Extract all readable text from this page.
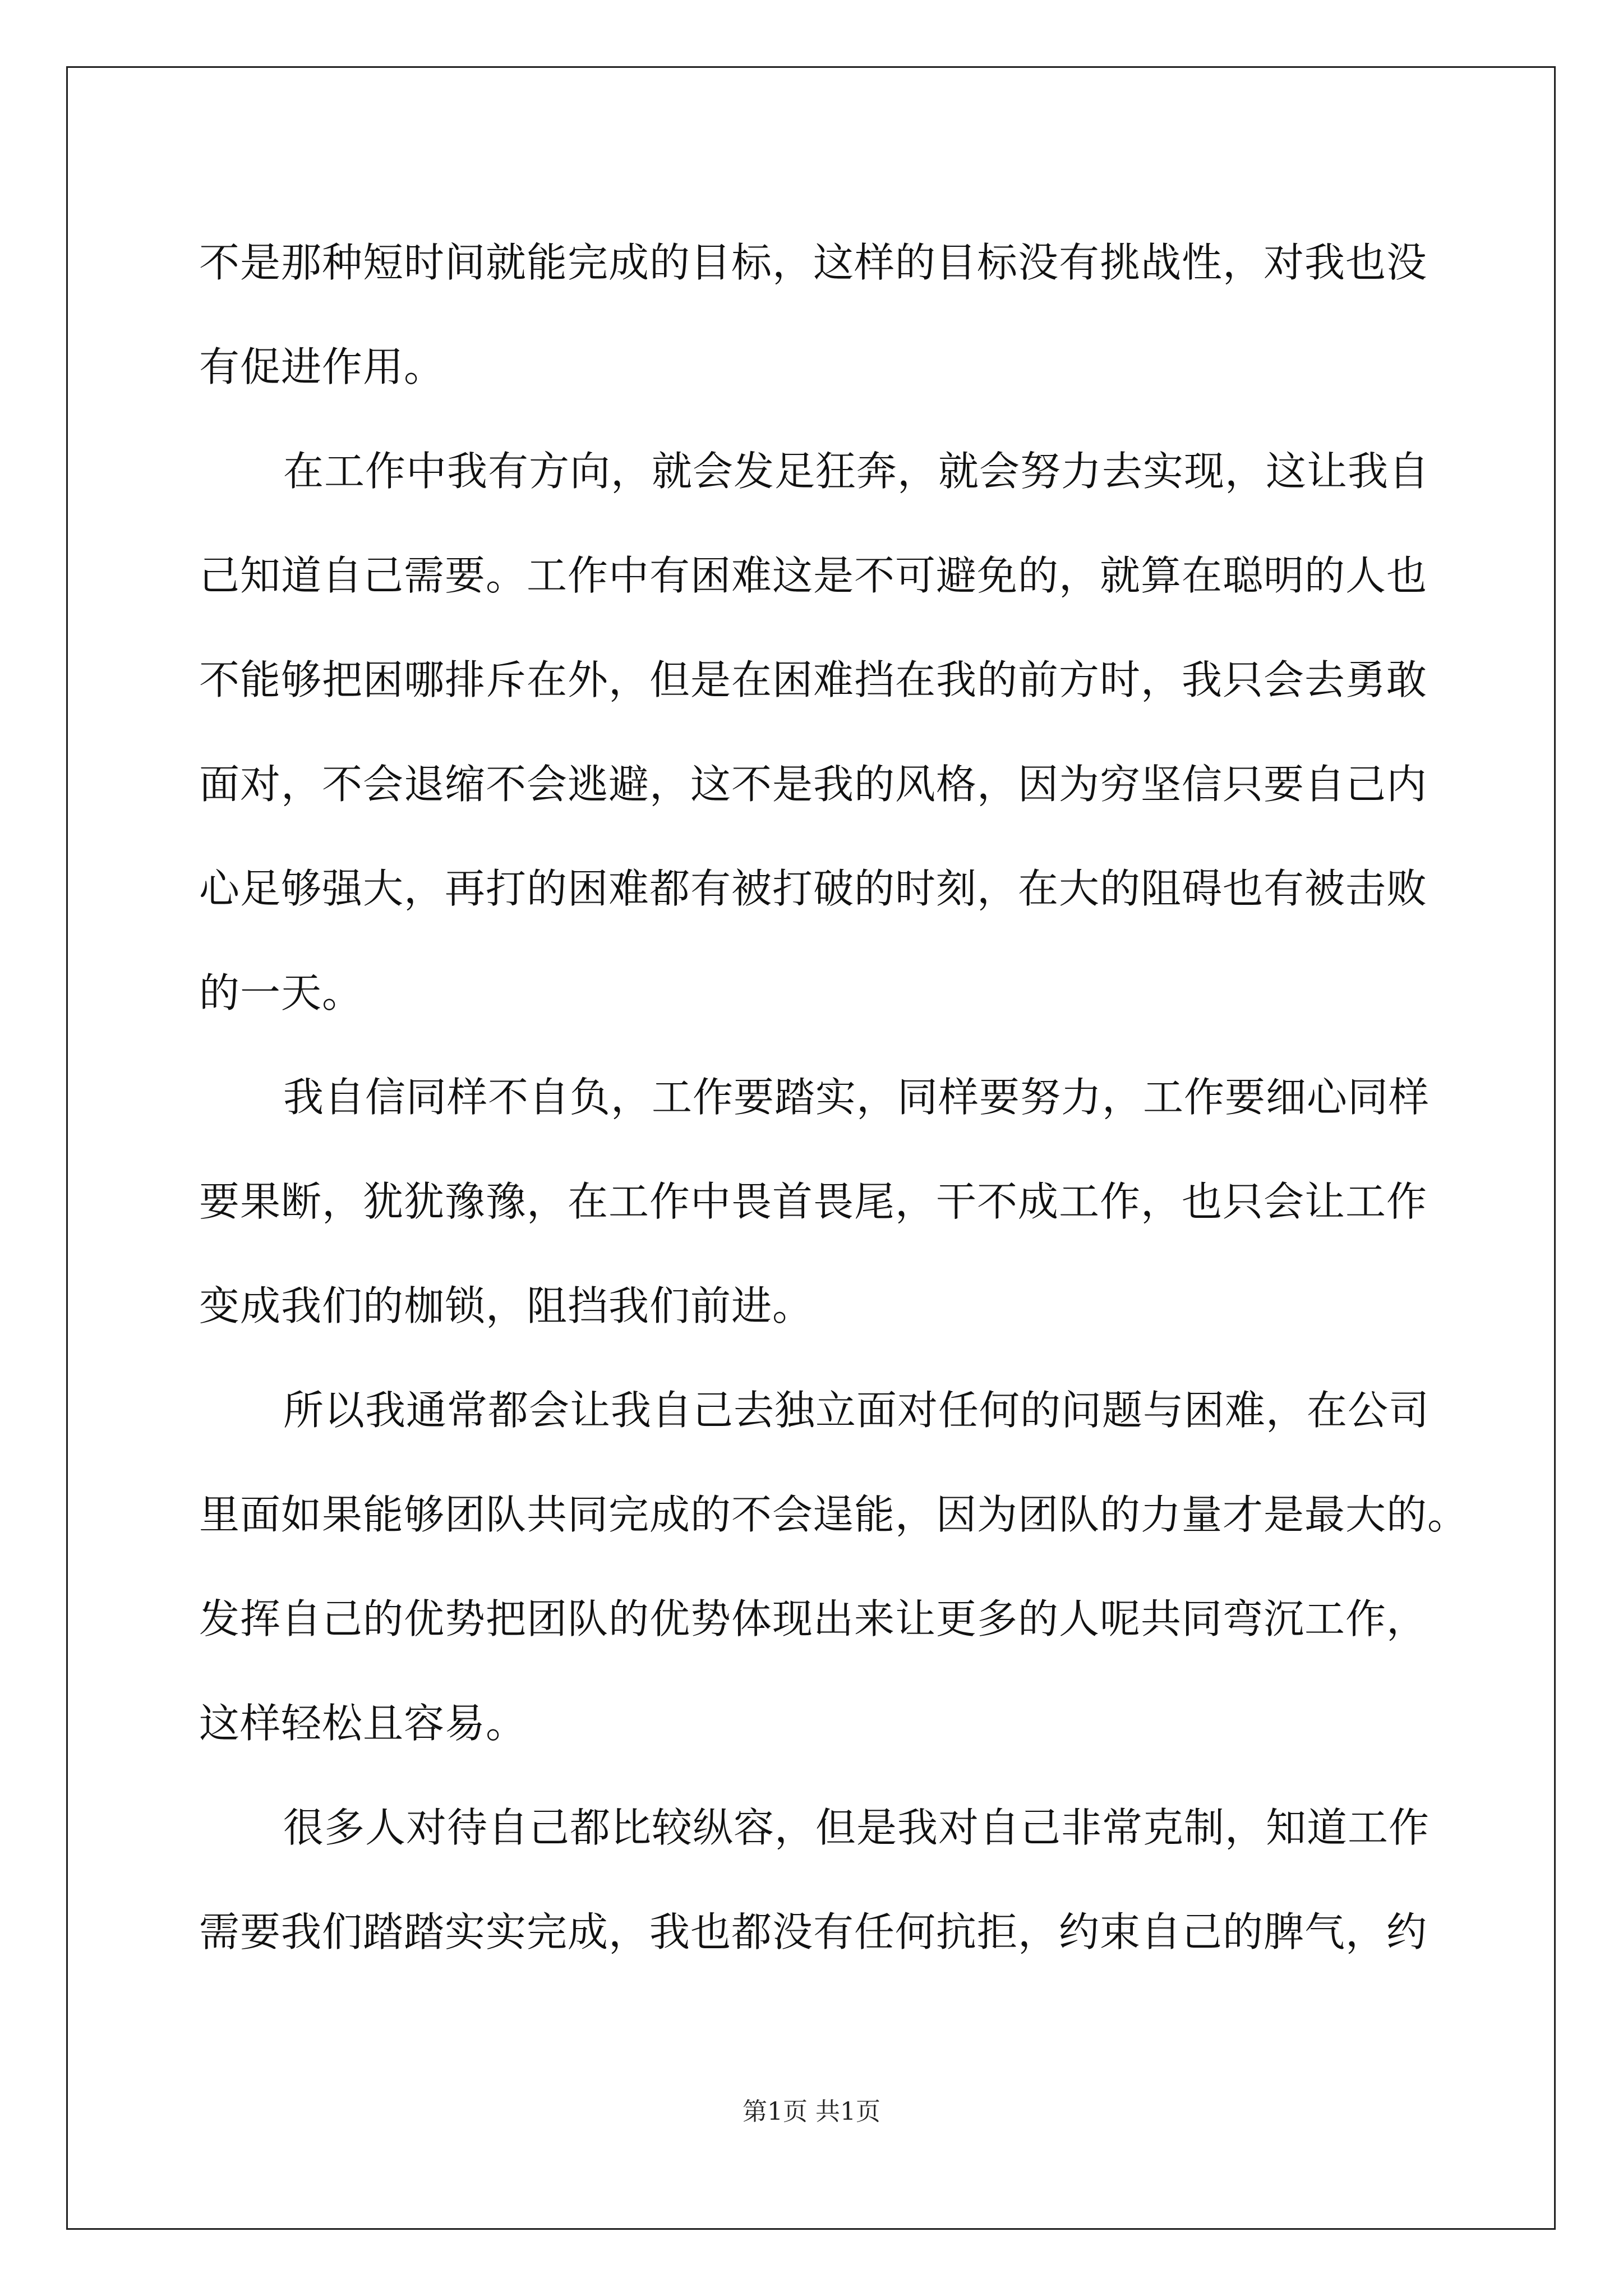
不是那种短时间就能完成的目标，这样的目标没有挑战性，对我也没
有促进作用。
在工作中我有方向，就会发足狂奔，就会努力去实现，这让我自
己知道自己需要。工作中有困难这是不可避免的，就算在聪明的人也
不能够把困哪排斥在外，但是在困难挡在我的前方时，我只会去勇敢
面对，不会退缩不会逃避，这不是我的风格，因为穷坚信只要自己内
心足够强大，再打的困难都有被打破的时刻，在大的阻碍也有被击败
的一天。
我自信同样不自负，工作要踏实，同样要努力，工作要细心同样
要果断，犹犹豫豫，在工作中畏首畏尾，干不成工作，也只会让工作
变成我们的枷锁，阻挡我们前进。
所以我通常都会让我自己去独立面对任何的问题与困难，在公司
里面如果能够团队共同完成的不会逞能，因为团队的力量才是最大的。
发挥自己的优势把团队的优势体现出来让更多的人呢共同弯沉工作，
这样轻松且容易。
很多人对待自己都比较纵容，但是我对自己非常克制，知道工作
需要我们踏踏实实完成，我也都没有任何抗拒，约束自己的脾气，约
第1页 共1页
